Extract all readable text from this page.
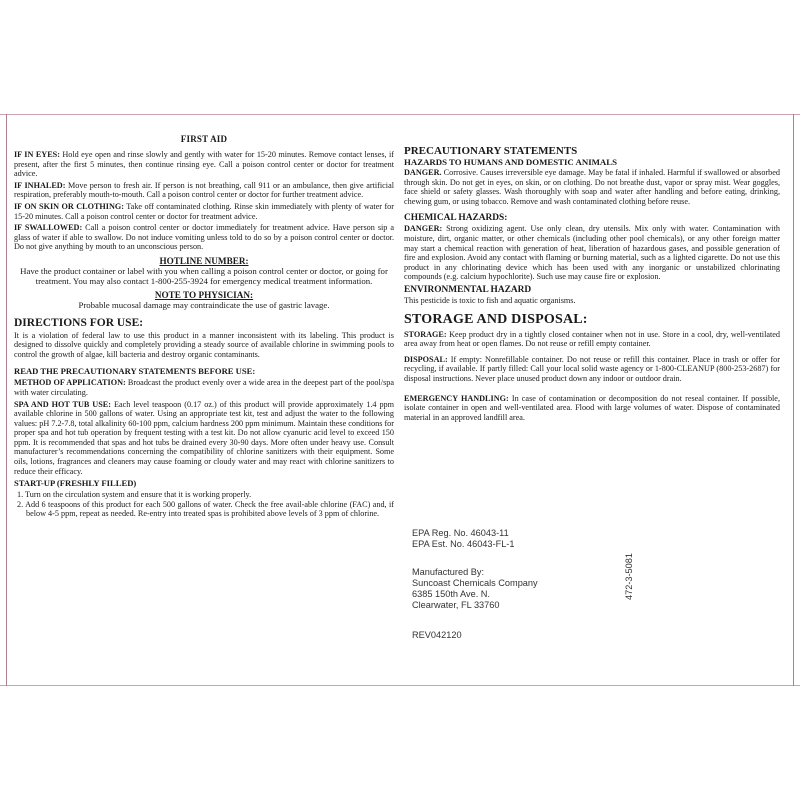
FIRST AID

IF IN EYES: Hold eye open and rinse slowly and gently with water for 15-20 minutes. Remove contact lenses, if present, after the first 5 minutes, then continue rinsing eye. Call a poison control center or doctor for treatment advice.

IF INHALED: Move person to fresh air. If person is not breathing, call 911 or an ambulance, then give artificial respiration, preferably mouth-to-mouth. Call a poison control center or doctor for further treatment advice.

IF ON SKIN OR CLOTHING: Take off contaminated clothing. Rinse skin immediately with plenty of water for 15-20 minutes. Call a poison control center or doctor for treatment advice.

IF SWALLOWED: Call a poison control center or doctor immediately for treatment advice. Have person sip a glass of water if able to swallow. Do not induce vomiting unless told to do so by a poison control center or doctor. Do not give anything by mouth to an unconscious person.

HOTLINE NUMBER:

Have the product container or label with you when calling a poison control center or doctor, or going for treatment. You may also contact 1-800-255-3924 for emergency medical treatment information.

NOTE TO PHYSICIAN:

Probable mucosal damage may contraindicate the use of gastric lavage.

DIRECTIONS FOR USE:

It is a violation of federal law to use this product in a manner inconsistent with its labeling. This product is designed to dissolve quickly and completely providing a steady source of available chlorine in swimming pools to control the growth of algae, kill bacteria and destroy organic contaminants.

READ THE PRECAUTIONARY STATEMENTS BEFORE USE:

METHOD OF APPLICATION: Broadcast the product evenly over a wide area in the deepest part of the pool/spa with water circulating.

SPA AND HOT TUB USE: Each level teaspoon (0.17 oz.) of this product will provide approximately 1.4 ppm available chlorine in 500 gallons of water. Using an appropriate test kit, test and adjust the water to the following values: pH 7.2-7.8, total alkalinity 60-100 ppm, calcium hardness 200 ppm minimum. Maintain these conditions for proper spa and hot tub operation by frequent testing with a test kit. Do not allow cyanuric acid level to exceed 150 ppm. It is recommended that spas and hot tubs be drained every 30-90 days. More often under heavy use. Consult manufacturer’s recommendations concerning the compatibility of chlorine sanitizers with their equipment. Some oils, lotions, fragrances and cleaners may cause foaming or cloudy water and may react with chlorine sanitizers to reduce their efficacy.

START-UP (FRESHLY FILLED)

1. Turn on the circulation system and ensure that it is working properly.

2. Add 6 teaspoons of this product for each 500 gallons of water. Check the free avail-able chlorine (FAC) and, if below 4-5 ppm, repeat as needed. Re-entry into treated spas is prohibited above levels of 3 ppm of chlorine.

PRECAUTIONARY STATEMENTS
HAZARDS TO HUMANS AND DOMESTIC ANIMALS

DANGER. Corrosive. Causes irreversible eye damage. May be fatal if inhaled. Harmful if swallowed or absorbed through skin. Do not get in eyes, on skin, or on clothing. Do not breathe dust, vapor or spray mist. Wear goggles, face shield or safety glasses. Wash thoroughly with soap and water after handling and before eating, drinking, chewing gum, or using tobacco. Remove and wash contaminated clothing before reuse.

CHEMICAL HAZARDS:

DANGER: Strong oxidizing agent. Use only clean, dry utensils. Mix only with water. Contamination with moisture, dirt, organic matter, or other chemicals (including other pool chemicals), or any other foreign matter may start a chemical reaction with generation of heat, liberation of hazardous gases, and possible generation of fire and explosion. Avoid any contact with flaming or burning material, such as a lighted cigarette. Do not use this product in any chlorinating device which has been used with any inorganic or unstabilized chlorinating compounds (e.g. calcium hypochlorite). Such use may cause fire or explosion.

ENVIRONMENTAL HAZARD

This pesticide is toxic to fish and aquatic organisms.

STORAGE AND DISPOSAL:

STORAGE: Keep product dry in a tightly closed container when not in use. Store in a cool, dry, well-ventilated area away from heat or open flames. Do not reuse or refill empty container.

DISPOSAL: If empty: Nonrefillable container. Do not reuse or refill this container. Place in trash or offer for recycling, if available. If partly filled: Call your local solid waste agency or 1-800-CLEANUP (800-253-2687) for disposal instructions. Never place unused product down any indoor or outdoor drain.

EMERGENCY HANDLING: In case of contamination or decomposition do not reseal container. If possible, isolate container in open and well-ventilated area. Flood with large volumes of water. Dispose of contaminated material in an approved landfill area.

EPA Reg. No. 46043-11
EPA Est. No. 46043-FL-1
Manufactured By:
Suncoast Chemicals Company
6385 150th Ave. N.
Clearwater, FL 33760
472-3-5081
REV042120
